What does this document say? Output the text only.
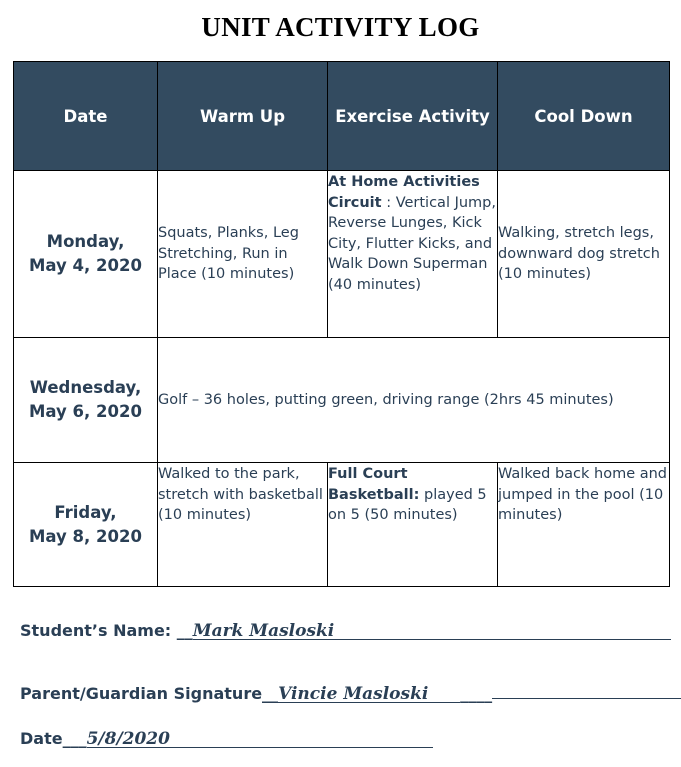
UNIT ACTIVITY LOG
Date	Warm Up	Exercise Activity	Cool Down

Monday,
May 4, 2020	Squats, Planks, Leg Stretching, Run in Place (10 minutes)	At Home Activities Circuit : Vertical Jump, Reverse Lunges, Kick City, Flutter Kicks, and Walk Down Superman (40 minutes)	Walking, stretch legs, downward dog stretch (10 minutes)

Wednesday,
May 6, 2020	Golf – 36 holes, putting green, driving range (2hrs 45 minutes)		

Friday,
May 8, 2020	Walked to the park, stretch with basketball (10 minutes)	Full Court Basketball: played 5 on 5 (50 minutes)	Walked back home and jumped in the pool (10 minutes)
Student’s Name: __Mark Masloski
Parent/Guardian Signature__Vincie Masloski ____
Date___5/8/2020
